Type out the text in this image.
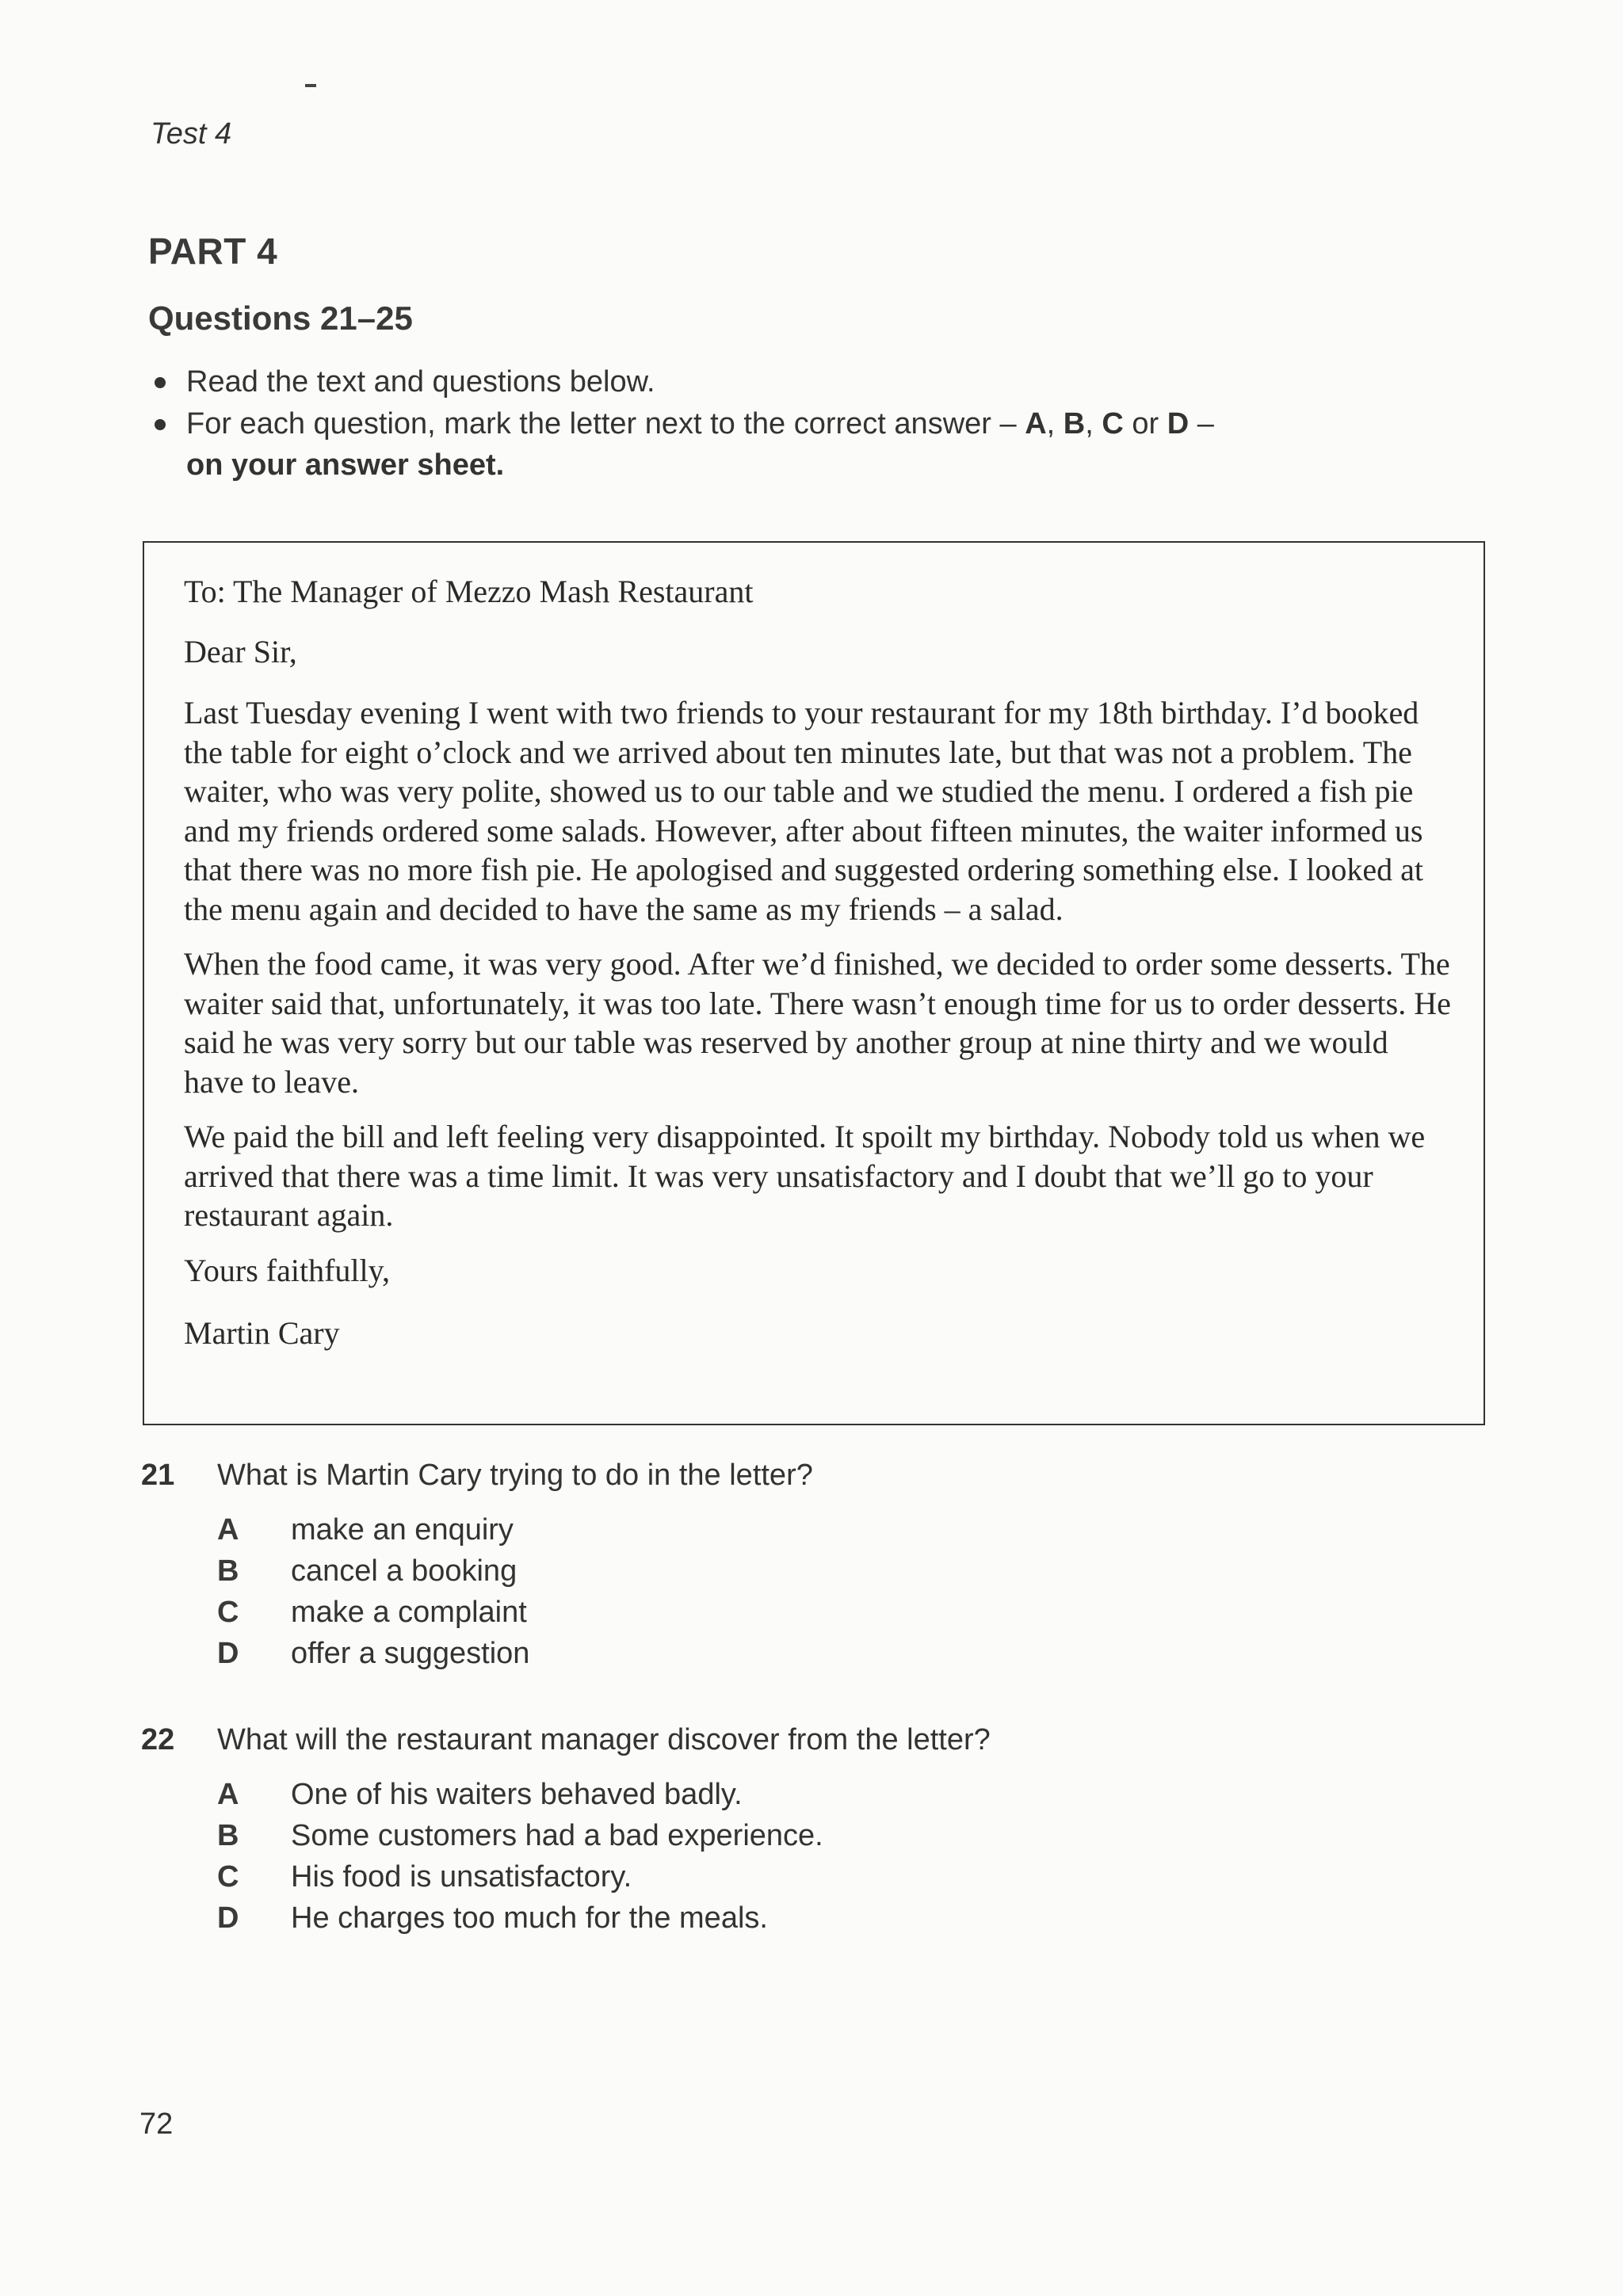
Test 4
PART 4
Questions 21–25
Read the text and questions below.
For each question, mark the letter next to the correct answer – A, B, C or D –
on your answer sheet.

To: The Manager of Mezzo Mash Restaurant

Dear Sir,

Last Tuesday evening I went with two friends to your restaurant for my 18th birthday. I’d booked the table for eight o’clock and we arrived about ten minutes late, but that was not a problem. The waiter, who was very polite, showed us to our table and we studied the menu. I ordered a fish pie and my friends ordered some salads. However, after about fifteen minutes, the waiter informed us that there was no more fish pie. He apologised and suggested ordering something else. I looked at the menu again and decided to have the same as my friends – a salad.

When the food came, it was very good. After we’d finished, we decided to order some desserts. The waiter said that, unfortunately, it was too late. There wasn’t enough time for us to order desserts. He said he was very sorry but our table was reserved by another group at nine thirty and we would have to leave.

We paid the bill and left feeling very disappointed. It spoilt my birthday. Nobody told us when we arrived that there was a time limit. It was very unsatisfactory and I doubt that we’ll go to your restaurant again.

Yours faithfully,

Martin Cary

21 What is Martin Cary trying to do in the letter?
A make an enquiry
B cancel a booking
C make a complaint
D offer a suggestion
22 What will the restaurant manager discover from the letter?
A One of his waiters behaved badly.
B Some customers had a bad experience.
C His food is unsatisfactory.
D He charges too much for the meals.
72
